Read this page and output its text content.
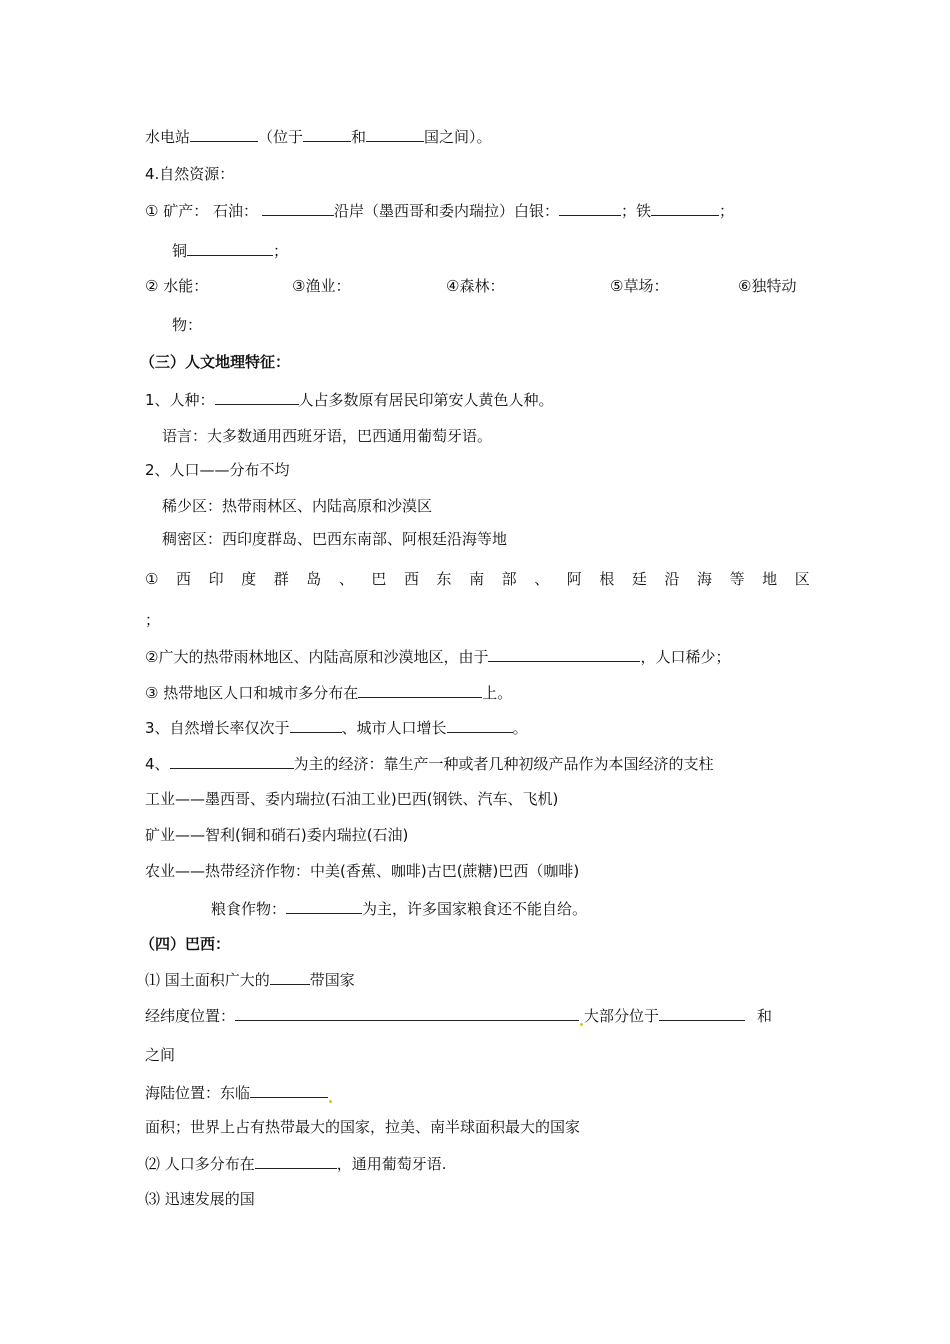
水电站	（位于	和	国之间）。
4.自然资源：
① 矿产： 石油：	沿岸（墨西哥和委内瑞拉）白银：	；铁	；
铜	；
② 水能：	③渔业：	④森林：	⑤草场：	⑥独特动
物：
（三）人文地理特征：
1、人种：	人占多数原有居民印第安人黄色人种。
语言：大多数通用西班牙语，巴西通用葡萄牙语。
2、人口——分布不均
稀少区：热带雨林区、内陆高原和沙漠区
稠密区：西印度群岛、巴西东南部、阿根廷沿海等地
① 西 印 度 群 岛 、 巴 西 东 南 部 、 阿 根 廷 沿 海 等 地 区
；
②广大的热带雨林地区、内陆高原和沙漠地区，由于	，人口稀少；
③ 热带地区人口和城市多分布在	上。
3、自然增长率仅次于	、城市人口增长	。
4、	为主的经济：靠生产一种或者几种初级产品作为本国经济的支柱
工业——墨西哥、委内瑞拉(石油工业)巴西(钢铁、汽车、飞机)
矿业——智利(铜和硝石)委内瑞拉(石油)
农业——热带经济作物：中美(香蕉、咖啡)古巴(蔗糖)巴西（咖啡)
粮食作物：	为主，许多国家粮食还不能自给。
（四）巴西：
⑴ 国土面积广大的	带国家
经纬度位置：	大部分位于	和
之间
海陆位置：东临
面积；世界上占有热带最大的国家，拉美、南半球面积最大的国家
⑵ 人口多分布在	，通用葡萄牙语.
⑶ 迅速发展的国
